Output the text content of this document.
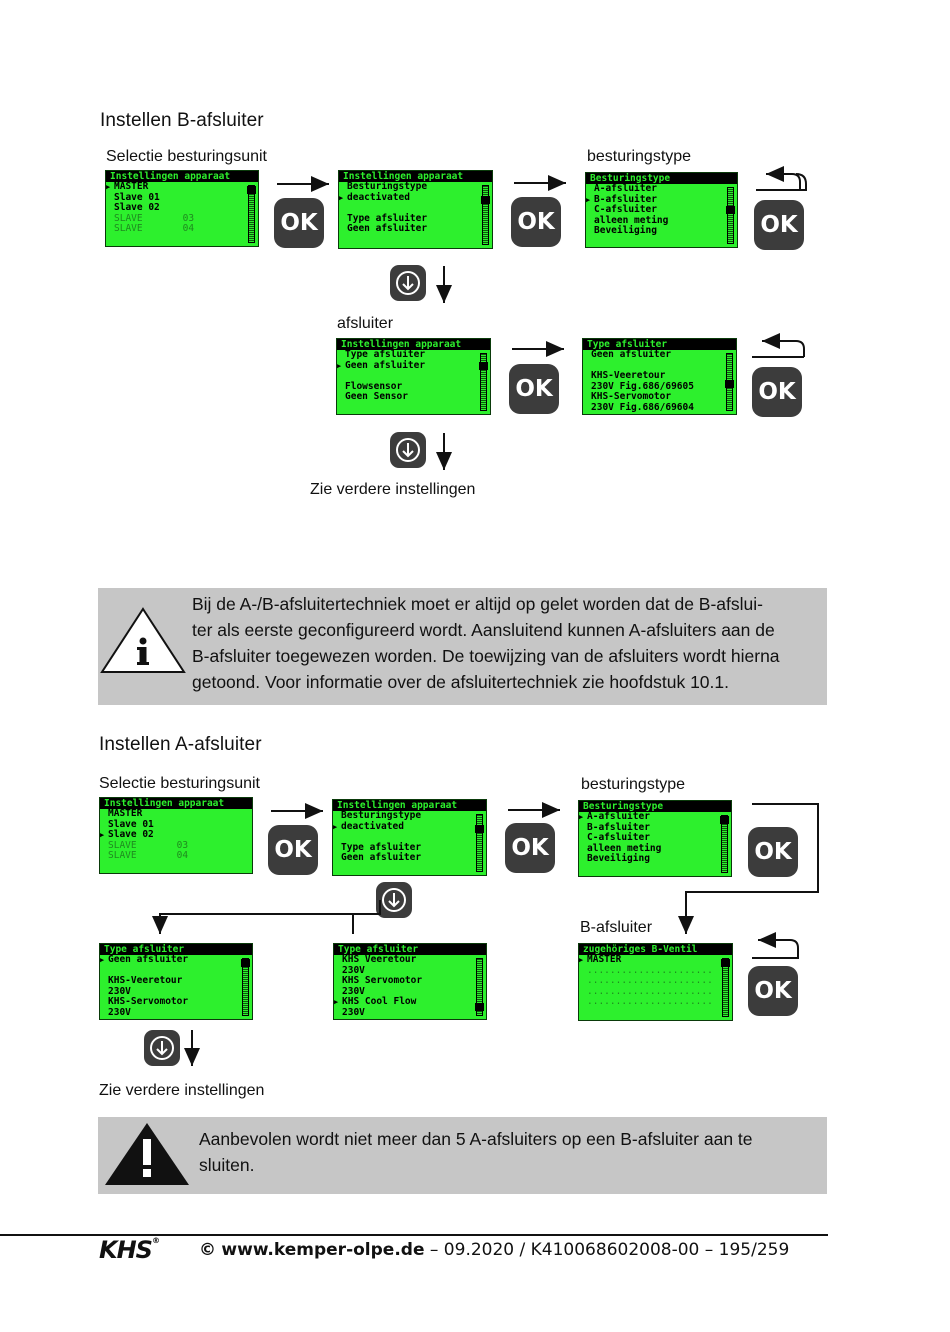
Instellen B-afsluiter
Selectie besturingsunit	besturingstype
afsluiter
Zie verdere instellingen
Instellingen apparaat
▶ MASTER
Slave 01
Slave 02
SLAVE       03
SLAVE       04
Instellingen apparaat
Besturingstype
▶ deactivated
Type afsluiter
Geen afsluiter
Besturingstype
A-afsluiter
▶ B-afsluiter
C-afsluiter
alleen meting
Beveiliging
Instellingen apparaat
Type afsluiter
▶ Geen afsluiter
Flowsensor
Geen Sensor
Type afsluiter
Geen afsluiter
KHS-Veeretour
230V Fig.686/69605
KHS-Servomotor
230V Fig.686/69604
OK	OK	OK
OK	OK
Bij de A-/B-afsluitertechniek moet er altijd op gelet worden dat de B-afslui-
ter als eerste geconfigureerd wordt. Aansluitend kunnen A-afsluiters aan de
B-afsluiter toegewezen worden. De toewijzing van de afsluiters wordt hierna
getoond. Voor informatie over de afsluitertechniek zie hoofdstuk 10.1.
Instellen A-afsluiter
Selectie besturingsunit	besturingstype
B-afsluiter
Zie verdere instellingen
Instellingen apparaat
MASTER
Slave 01
▶ Slave 02
SLAVE       03
SLAVE       04
Instellingen apparaat
Besturingstype
▶ deactivated
Type afsluiter
Geen afsluiter
Besturingstype
▶ A-afsluiter
B-afsluiter
C-afsluiter
alleen meting
Beveiliging
Type afsluiter
▶ Geen afsluiter
KHS-Veeretour
230V
KHS-Servomotor
230V
Type afsluiter
KHS Veeretour
230V
KHS Servomotor
230V
▶ KHS Cool Flow
230V
zugehöriges B-Ventil
▶ MASTER
......................
......................
......................
......................
OK	OK	OK
OK
Aanbevolen wordt niet meer dan 5 A-afsluiters op een B-afsluiter aan te
sluiten.
KHS® © www.kemper-olpe.de – 09.2020 / K410068602008-00 – 195/259
